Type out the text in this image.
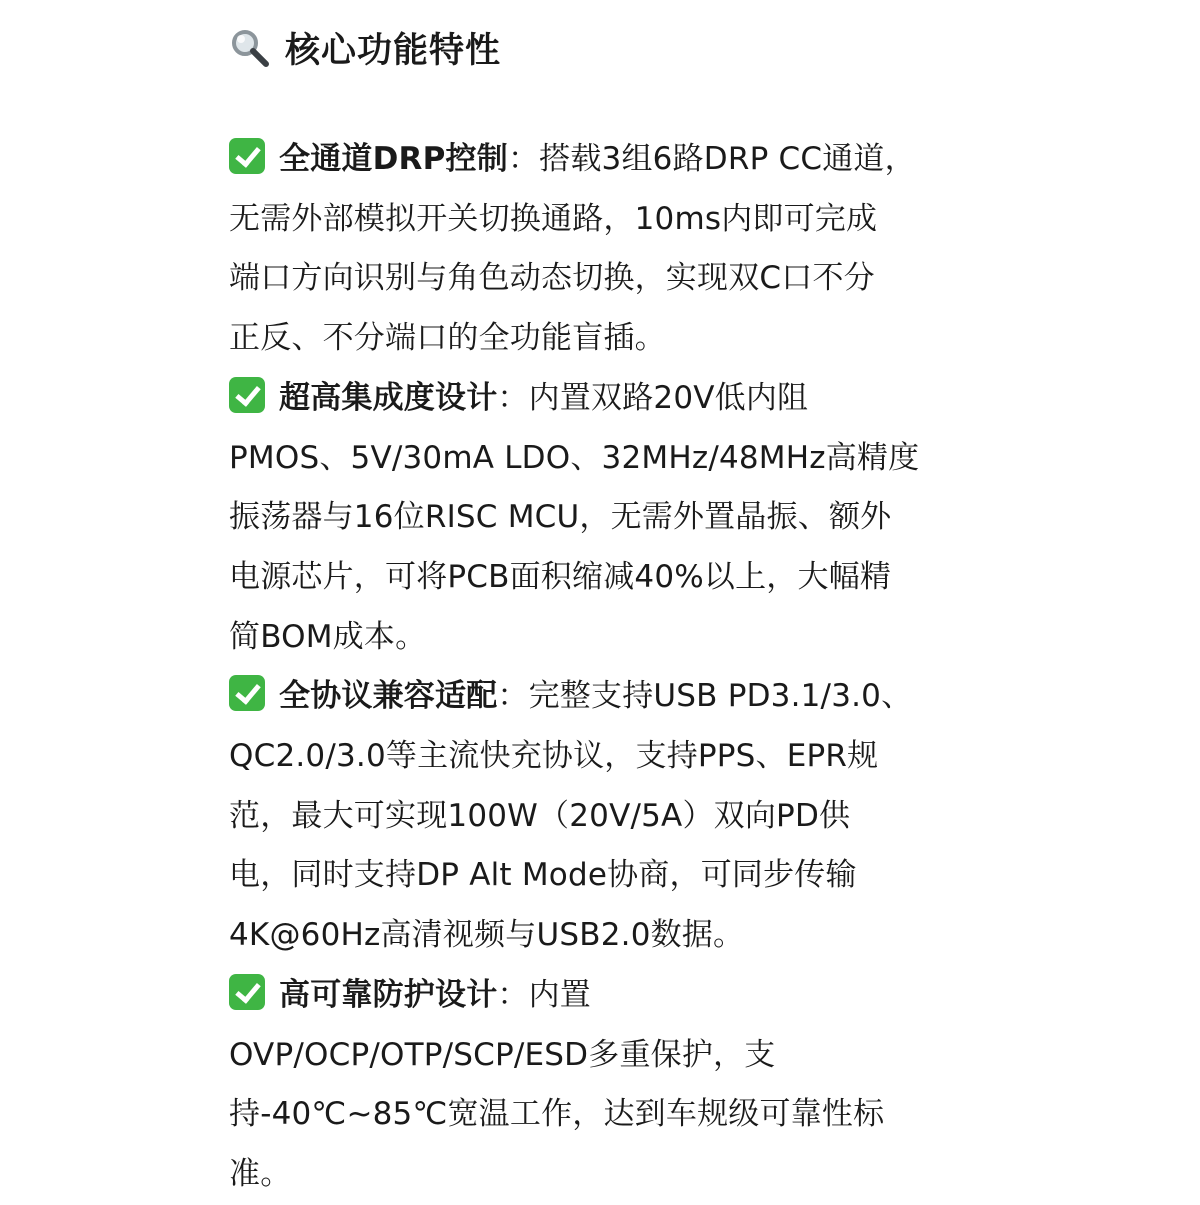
核心功能特性
全通道DRP控制：搭载3组6路DRP CC通道，
无需外部模拟开关切换通路，10ms内即可完成
端口方向识别与角色动态切换，实现双C口不分
正反、不分端口的全功能盲插。
超高集成度设计：内置双路20V低内阻
PMOS、5V/30mA LDO、32MHz/48MHz高精度
振荡器与16位RISC MCU，无需外置晶振、额外
电源芯片，可将PCB面积缩减40%以上，大幅精
简BOM成本。
全协议兼容适配：完整支持USB PD3.1/3.0、
QC2.0/3.0等主流快充协议，支持PPS、EPR规
范，最大可实现100W（20V/5A）双向PD供
电，同时支持DP Alt Mode协商，可同步传输
4K@60Hz高清视频与USB2.0数据。
高可靠防护设计：内置
OVP/OCP/OTP/SCP/ESD多重保护，支
持-40℃~85℃宽温工作，达到车规级可靠性标
准。
